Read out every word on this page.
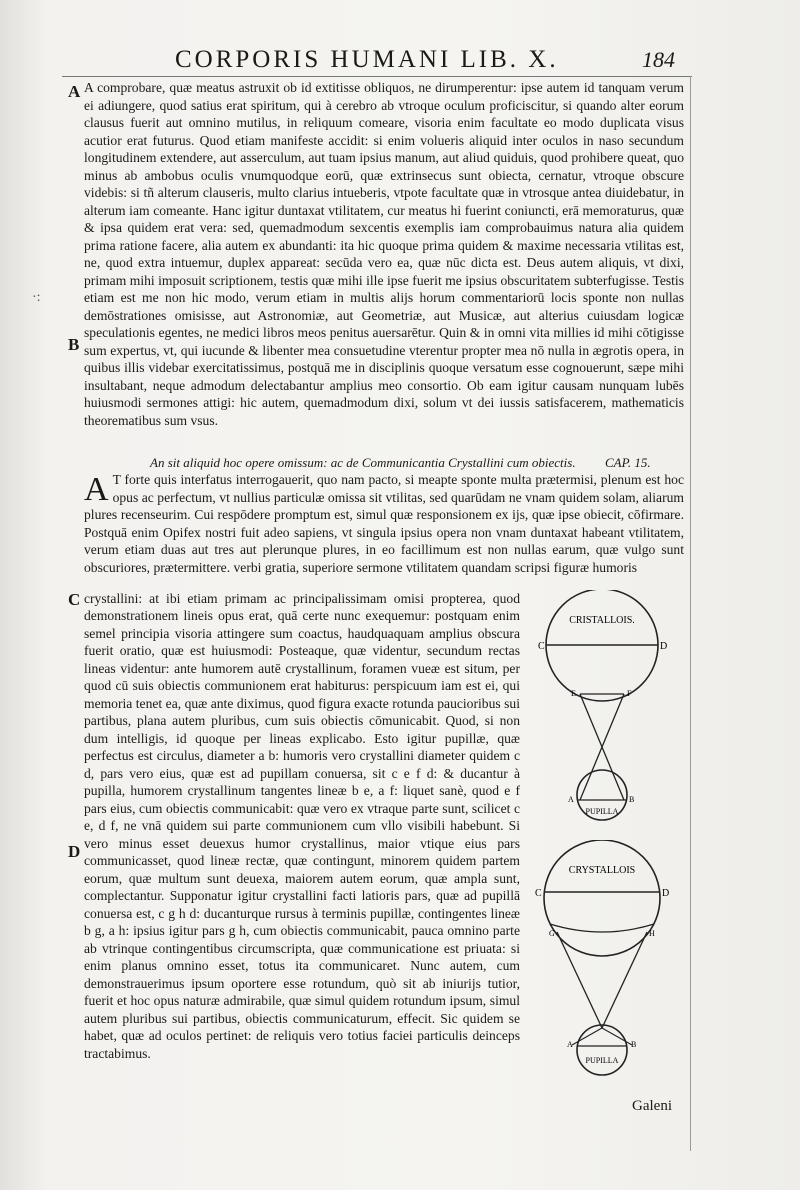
CORPORIS HUMANI LIB. X.	184
·:
A
B
C
D

A comprobare, quæ meatus astruxit ob id extitisse obliquos, ne dirumperentur: ipse autem id tanquam verum ei adiungere, quod satius erat spiritum, qui à cerebro ab vtroque oculum proficiscitur, si quando alter eorum clausus fuerit aut omnino mutilus, in reliquum comeare, visoria enim facultate eo modo duplicata visus acutior erat futurus. Quod etiam manifeste accidit: si enim volueris aliquid inter oculos in naso secundum longitudinem extendere, aut asserculum, aut tuam ipsius manum, aut aliud quiduis, quod prohibere queat, quo minus ab ambobus oculis vnumquodque eorū, quæ extrinsecus sunt obiecta, cernatur, vtroque obscure videbis: si tñ alterum clauseris, multo clarius intueberis, vtpote facultate quæ in vtrosque antea diuidebatur, in alterum iam comeante. Hanc igitur duntaxat vtilitatem, cur meatus hi fuerint coniuncti, erā memoraturus, quæ & ipsa quidem erat vera: sed, quemadmodum sexcentis exemplis iam comprobauimus natura alia quidem prima ratione facere, alia autem ex abundanti: ita hic quoque prima quidem & maxime necessaria vtilitas est, ne, quod extra intuemur, duplex appareat: secūda vero ea, quæ nūc dicta est. Deus autem aliquis, vt dixi, primam mihi imposuit scriptionem, testis quæ mihi ille ipse fuerit me ipsius obscuritatem subterfugisse. Testis etiam est me non hic modo, verum etiam in multis alijs horum commentariorū locis sponte non nullas demōstrationes omisisse, aut Astronomiæ, aut Geometriæ, aut Musicæ, aut alterius cuiusdam logicæ speculationis egentes, ne medici libros meos penitus auersarētur. Quin & in omni vita millies id mihi cōtigisse sum expertus, vt, qui iucunde & libenter mea consuetudine vterentur propter mea nō nulla in ægrotis opera, in quibus illis videbar exercitatissimus, postquā me in disciplinis quoque versatum esse cognouerunt, sæpe mihi insultabant, neque admodum delectabantur amplius meo consortio. Ob eam igitur causam nunquam lubēs huiusmodi sermones attigi: hic autem, quemadmodum dixi, solum vt dei iussis satisfacerem, mathematicis theorematibus sum vsus.

An sit aliquid hoc opere omissum: ac de Communicantia Crystallini cum obiectis. CAP. 15.
A T forte quis interfatus interrogauerit, quo nam pacto, si meapte sponte multa prætermisi, plenum est hoc opus ac perfectum, vt nullius particulæ omissa sit vtilitas, sed quarūdam ne vnam quidem solam, aliarum plures recenseurim. Cui respōdere promptum est, simul quæ responsionem ex ijs, quæ ipse obiecit, cōfirmare. Postquā enim Opifex nostri fuit adeo sapiens, vt singula ipsius opera non vnam duntaxat habeant vtilitatem, verum etiam duas aut tres aut plerunque plures, in eo facillimum est non nullas earum, quæ vulgo sunt obscuriores, prætermittere. verbi gratia, superiore sermone vtilitatem quandam scripsi figuræ humoris

crystallini: at ibi etiam primam ac principalissimam omisi propterea, quod demonstrationem lineis opus erat, quā certe nunc exequemur: postquam enim semel principia visoria attingere sum coactus, haudquaquam amplius obscura fuerit oratio, quæ est huiusmodi: Posteaque, quæ videntur, secundum rectas lineas videntur: ante humorem autē crystallinum, foramen vueæ est situm, per quod cū suis obiectis communionem erat habiturus: perspicuum iam est ei, qui memoria tenet ea, quæ ante diximus, quod figura exacte rotunda paucioribus sui partibus, plana autem pluribus, cum suis obiectis cōmunicabit. Quod, si non dum intelligis, id quoque per lineas explicabo. Esto igitur pupillæ, quæ perfectus est circulus, diameter a b: humoris vero crystallini diameter quidem c d, pars vero eius, quæ est ad pupillam conuersa, sit c e f d: & ducantur à pupilla, humorem crystallinum tangentes lineæ b e, a f: liquet sanè, quod e f pars eius, cum obiectis communicabit: quæ vero ex vtraque parte sunt, scilicet c e, d f, ne vnā quidem sui parte communionem cum vllo visibili habebunt. Si vero minus esset deuexus humor crystallinus, maior vtique eius pars communicasset, quod lineæ rectæ, quæ contingunt, minorem quidem partem eorum, quæ multum sunt deuexa, maiorem autem eorum, quæ ampla sunt, complectantur. Supponatur igitur crystallini facti latioris pars, quæ ad pupillā conuersa est, c g h d: ducanturque rursus à terminis pupillæ, contingentes lineæ b g, a h: ipsius igitur pars g h, cum obiectis communicabit, pauca omnino parte ab vtrinque contingentibus circumscripta, quæ communicatione est priuata: si enim planus omnino esset, totus ita communicaret. Nunc autem, cum demonstrauerimus ipsum oportere esse rotundum, quò sit ab iniurijs tutior, fuerit et hoc opus naturæ admirabile, quæ simul quidem rotundum ipsum, simul autem pluribus sui partibus, obiectis communicaturum, effecit. Sic quidem se habet, quæ ad oculos pertinet: de reliquis vero totius faciei particulis deinceps tractabimus.

CRISTALLOIS.
PUPILLA
C	D
E	F
A	B
CRYSTALLOIS
PUPILLA
C	D
G	H
A	B
Galeni
